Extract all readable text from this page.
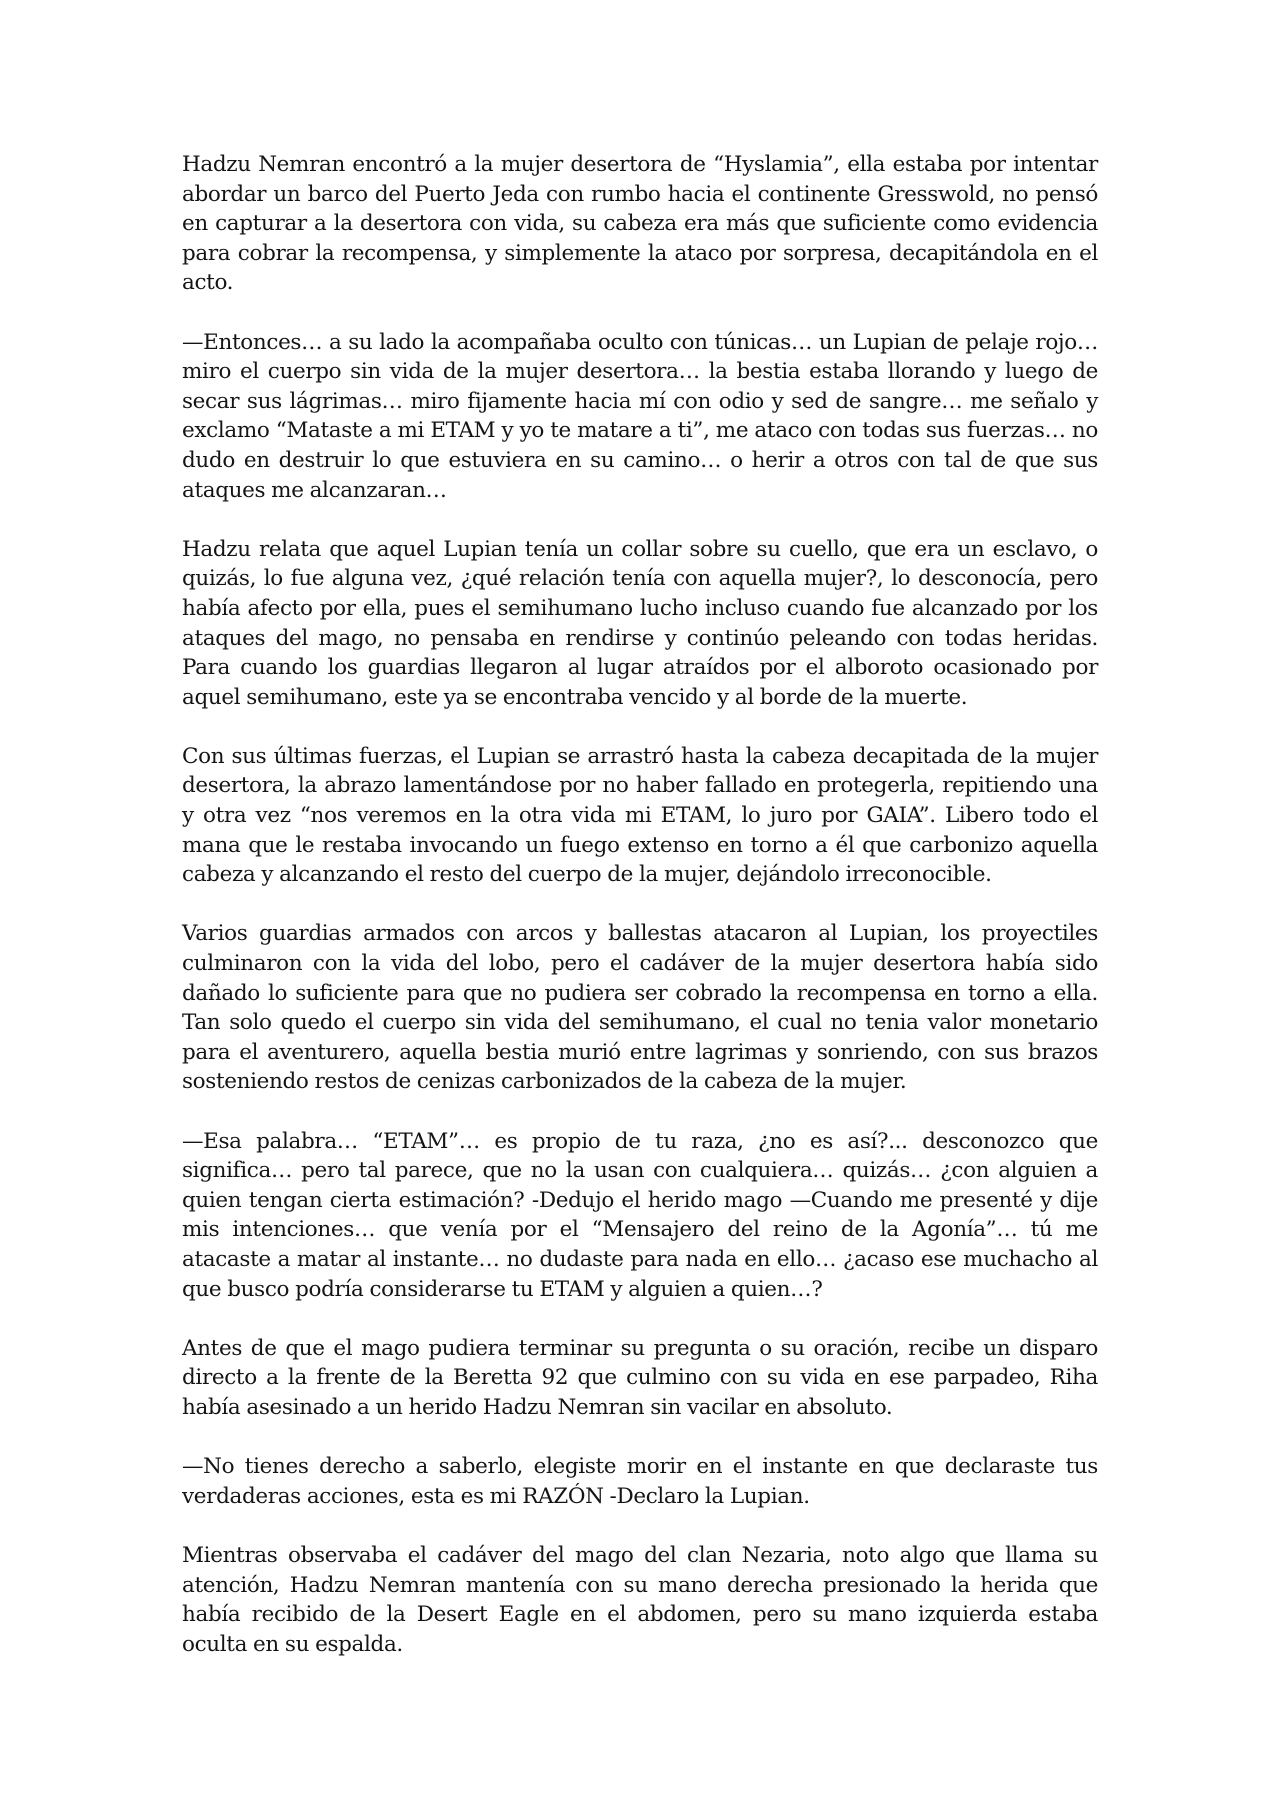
Hadzu Nemran encontró a la mujer desertora de “Hyslamia”, ella estaba por intentar abordar un barco del Puerto Jeda con rumbo hacia el continente Gresswold, no pensó en capturar a la desertora con vida, su cabeza era más que suficiente como evidencia para cobrar la recompensa, y simplemente la ataco por sorpresa, decapitándola en el acto.

—Entonces… a su lado la acompañaba oculto con túnicas… un Lupian de pelaje rojo… miro el cuerpo sin vida de la mujer desertora… la bestia estaba llorando y luego de secar sus lágrimas… miro fijamente hacia mí con odio y sed de sangre… me señalo y exclamo “Mataste a mi ETAM y yo te matare a ti”, me ataco con todas sus fuerzas… no dudo en destruir lo que estuviera en su camino… o herir a otros con tal de que sus ataques me alcanzaran…

Hadzu relata que aquel Lupian tenía un collar sobre su cuello, que era un esclavo, o quizás, lo fue alguna vez, ¿qué relación tenía con aquella mujer?, lo desconocía, pero había afecto por ella, pues el semihumano lucho incluso cuando fue alcanzado por los ataques del mago, no pensaba en rendirse y continúo peleando con todas heridas. Para cuando los guardias llegaron al lugar atraídos por el alboroto ocasionado por aquel semihumano, este ya se encontraba vencido y al borde de la muerte.

Con sus últimas fuerzas, el Lupian se arrastró hasta la cabeza decapitada de la mujer desertora, la abrazo lamentándose por no haber fallado en protegerla, repitiendo una y otra vez “nos veremos en la otra vida mi ETAM, lo juro por GAIA”. Libero todo el mana que le restaba invocando un fuego extenso en torno a él que carbonizo aquella cabeza y alcanzando el resto del cuerpo de la mujer, dejándolo irreconocible.

Varios guardias armados con arcos y ballestas atacaron al Lupian, los proyectiles culminaron con la vida del lobo, pero el cadáver de la mujer desertora había sido dañado lo suficiente para que no pudiera ser cobrado la recompensa en torno a ella. Tan solo quedo el cuerpo sin vida del semihumano, el cual no tenia valor monetario para el aventurero, aquella bestia murió entre lagrimas y sonriendo, con sus brazos sosteniendo restos de cenizas carbonizados de la cabeza de la mujer.

—Esa palabra… “ETAM”… es propio de tu raza, ¿no es así?... desconozco que significa… pero tal parece, que no la usan con cualquiera… quizás… ¿con alguien a quien tengan cierta estimación? -Dedujo el herido mago —Cuando me presenté y dije mis intenciones… que venía por el “Mensajero del reino de la Agonía”… tú me atacaste a matar al instante… no dudaste para nada en ello… ¿acaso ese muchacho al que busco podría considerarse tu ETAM y alguien a quien…?

Antes de que el mago pudiera terminar su pregunta o su oración, recibe un disparo directo a la frente de la Beretta 92 que culmino con su vida en ese parpadeo, Riha había asesinado a un herido Hadzu Nemran sin vacilar en absoluto.

—No tienes derecho a saberlo, elegiste morir en el instante en que declaraste tus verdaderas acciones, esta es mi RAZÓN -Declaro la Lupian.

Mientras observaba el cadáver del mago del clan Nezaria, noto algo que llama su atención, Hadzu Nemran mantenía con su mano derecha presionado la herida que había recibido de la Desert Eagle en el abdomen, pero su mano izquierda estaba oculta en su espalda.
